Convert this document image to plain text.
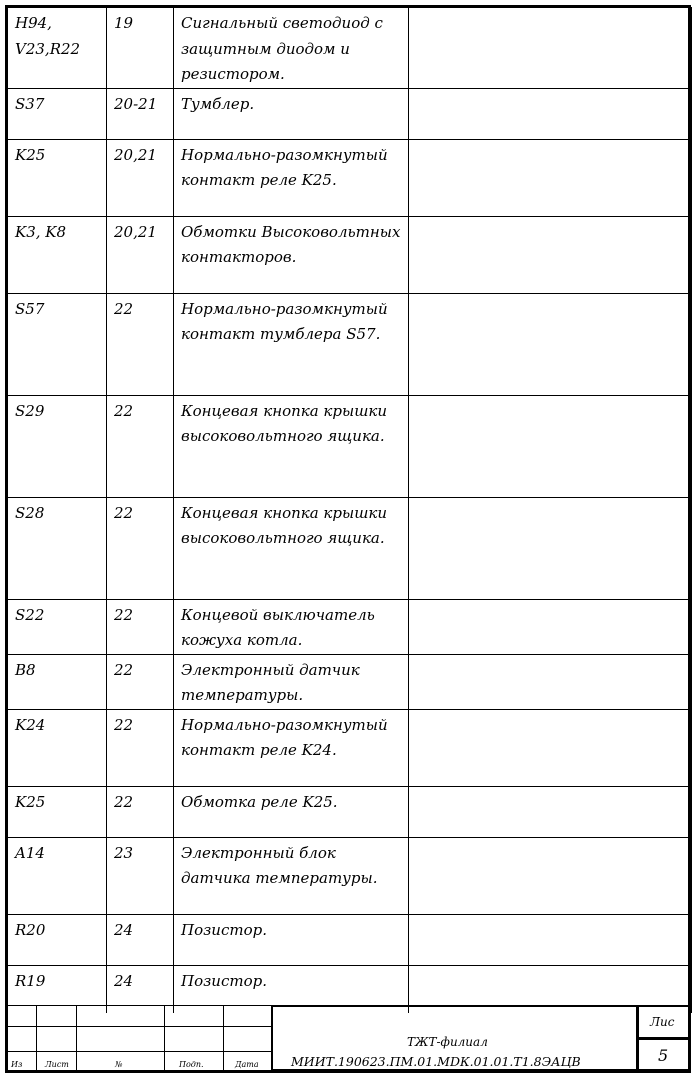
H94, V23,R22	19	Сигнальный светодиод с защитным диодом и резистором.	
S37	20-21	Тумблер.	
K25	20,21	Нормально-разомкнутый контакт реле K25.	
K3, K8	20,21	Обмотки Высоковольтных контакторов.	
S57	22	Нормально-разомкнутый контакт тумблера S57.	
S29	22	Концевая кнопка крышки высоковольтного ящика.	
S28	22	Концевая кнопка крышки высоковольтного ящика.	
S22	22	Концевой выключатель кожуха котла.	
B8	22	Электронный датчик температуры.	
K24	22	Нормально-разомкнутый контакт реле K24.	
K25	22	Обмотка реле K25.	
A14	23	Электронный блок датчика температуры.	
R20	24	Позистор.	
R19	24	Позистор.	
Из	Лист	№	Подп.	Дата
ТЖТ-филиал
МИИТ.190623.ПМ.01.МDК.01.01.Т1.8ЭАЦВ
Лис
5
